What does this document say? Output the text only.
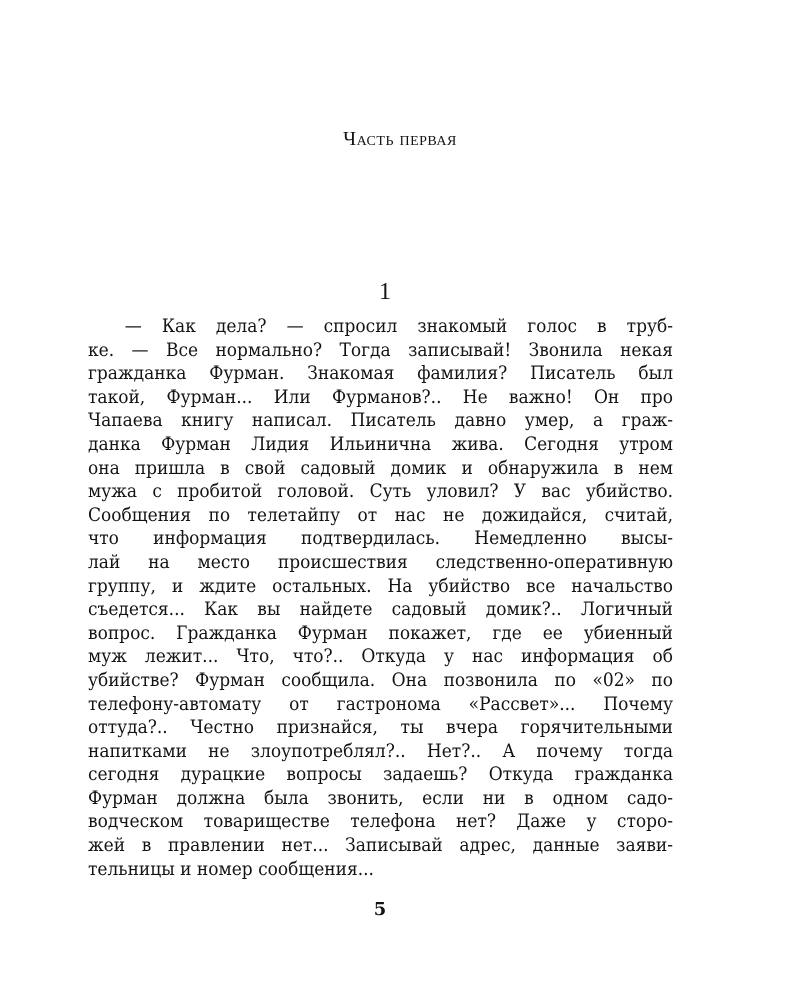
Часть первая
1
— Как дела? — спросил знакомый голос в труб-
ке. — Все нормально? Тогда записывай! Звонила некая
гражданка Фурман. Знакомая фамилия? Писатель был
такой, Фурман... Или Фурманов?.. Не важно! Он про
Чапаева книгу написал. Писатель давно умер, а граж-
данка Фурман Лидия Ильинична жива. Сегодня утром
она пришла в свой садовый домик и обнаружила в нем
мужа с пробитой головой. Суть уловил? У вас убийство.
Сообщения по телетайпу от нас не дожидайся, считай,
что информация подтвердилась. Немедленно высы-
лай на место происшествия следственно-оперативную
группу, и ждите остальных. На убийство все начальство
съедется... Как вы найдете садовый домик?.. Логичный
вопрос. Гражданка Фурман покажет, где ее убиенный
муж лежит... Что, что?.. Откуда у нас информация об
убийстве? Фурман сообщила. Она позвонила по «02» по
телефону-автомату от гастронома «Рассвет»... Почему
оттуда?.. Честно признайся, ты вчера горячительными
напитками не злоупотреблял?.. Нет?.. А почему тогда
сегодня дурацкие вопросы задаешь? Откуда гражданка
Фурман должна была звонить, если ни в одном садо-
водческом товариществе телефона нет? Даже у сторо-
жей в правлении нет... Записывай адрес, данные заяви-
тельницы и номер сообщения...
5
